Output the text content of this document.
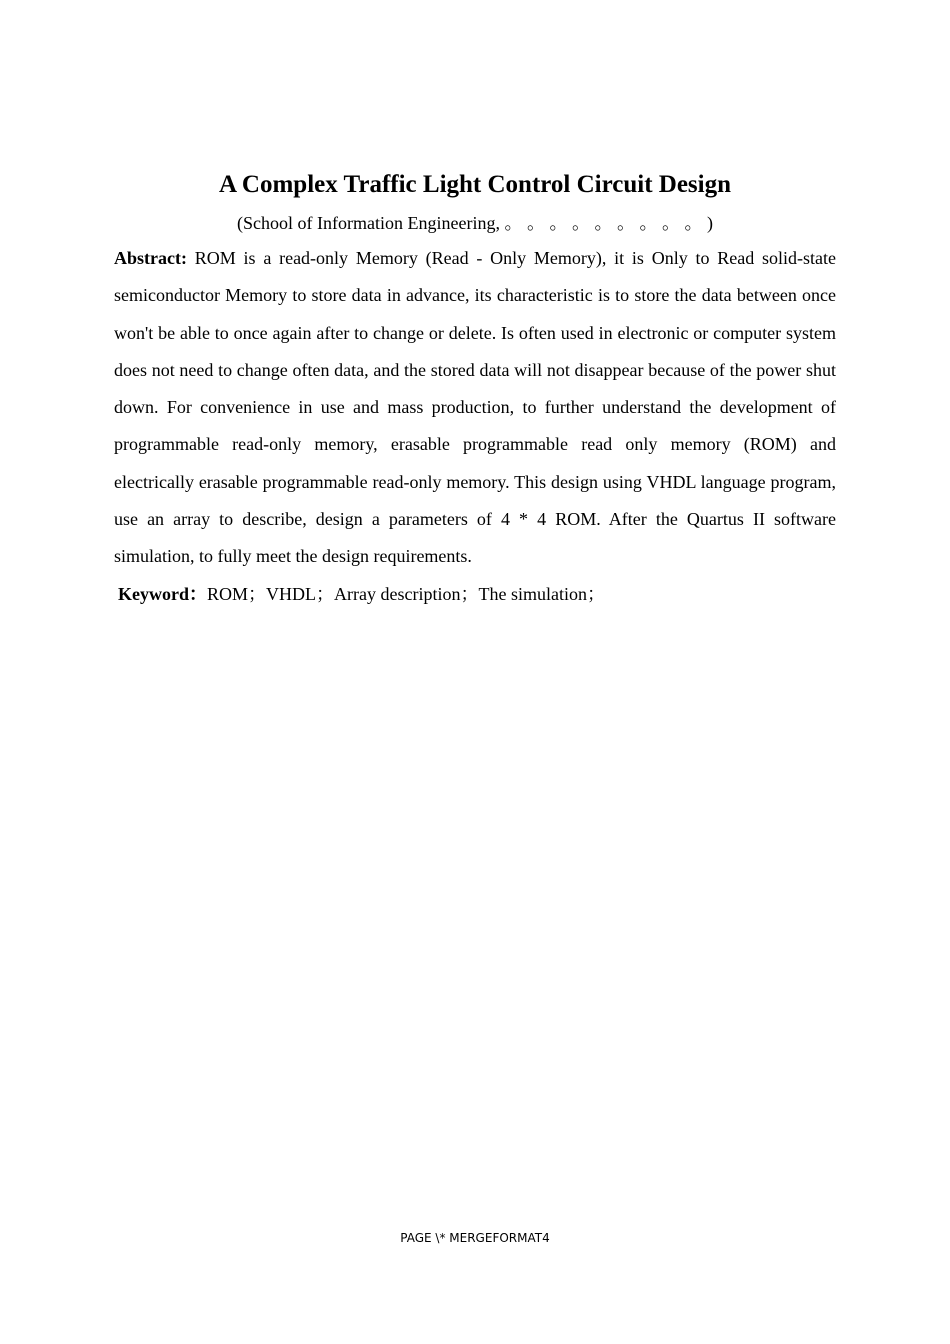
A Complex Traffic Light Control Circuit Design

(School of Information Engineering, 。 。 。 。 。 。 。 。 。 )

Abstract: ROM is a read-only Memory (Read - Only Memory), it is Only to Read solid-state semiconductor Memory to store data in advance, its characteristic is to store the data between once won't be able to once again after to change or delete. Is often used in electronic or computer system does not need to change often data, and the stored data will not disappear because of the power shut down. For convenience in use and mass production, to further understand the development of programmable read-only memory, erasable programmable read only memory (ROM) and electrically erasable programmable read-only memory. This design using VHDL language program, use an array to describe, design a parameters of 4 * 4 ROM. After the Quartus II software simulation, to fully meet the design requirements.

Keyword：ROM；VHDL；Array description；The simulation；

PAGE \* MERGEFORMAT4
